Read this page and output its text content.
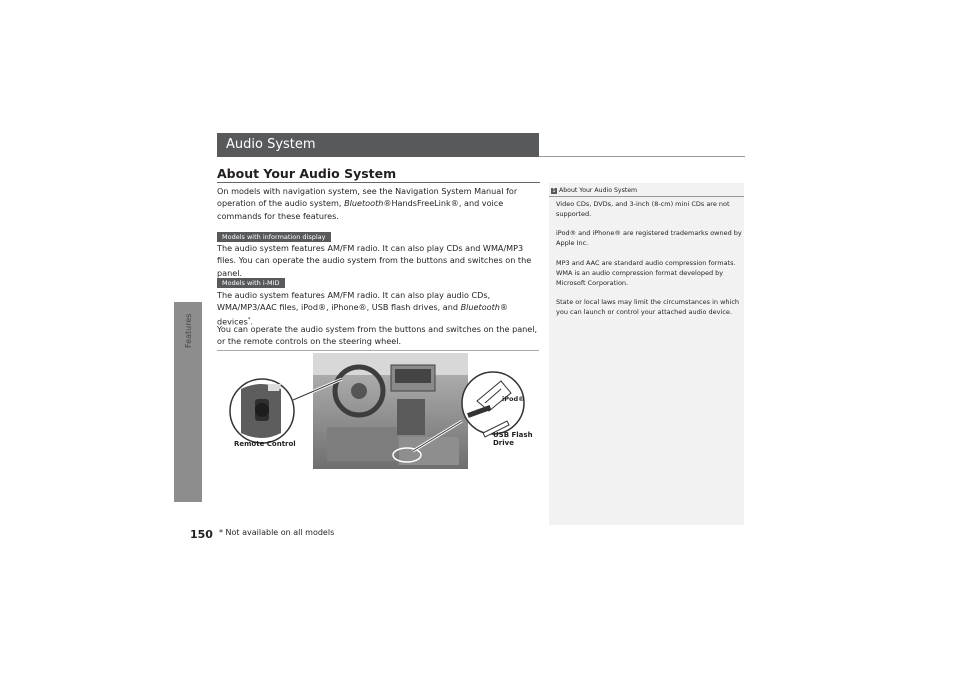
Features
Audio System
About Your Audio System
On models with navigation system, see the Navigation System Manual for operation of the audio system, Bluetooth®HandsFreeLink®, and voice commands for these features.
Models with information display
The audio system features AM/FM radio. It can also play CDs and WMA/MP3 files. You can operate the audio system from the buttons and switches on the panel.
Models with i-MID
The audio system features AM/FM radio. It can also play audio CDs, WMA/MP3/AAC files, iPod®, iPhone®, USB flash drives, and Bluetooth® devices*.
You can operate the audio system from the buttons and switches on the panel, or the remote controls on the steering wheel.
1 About Your Audio System
Video CDs, DVDs, and 3-inch (8-cm) mini CDs are not supported.
iPod® and iPhone® are registered trademarks owned by Apple Inc.
MP3 and AAC are standard audio compression formats. WMA is an audio compression format developed by Microsoft Corporation.
State or local laws may limit the circumstances in which you can launch or control your attached audio device.
Remote Control
iPod®
USB Flash
Drive
150 * Not available on all models
